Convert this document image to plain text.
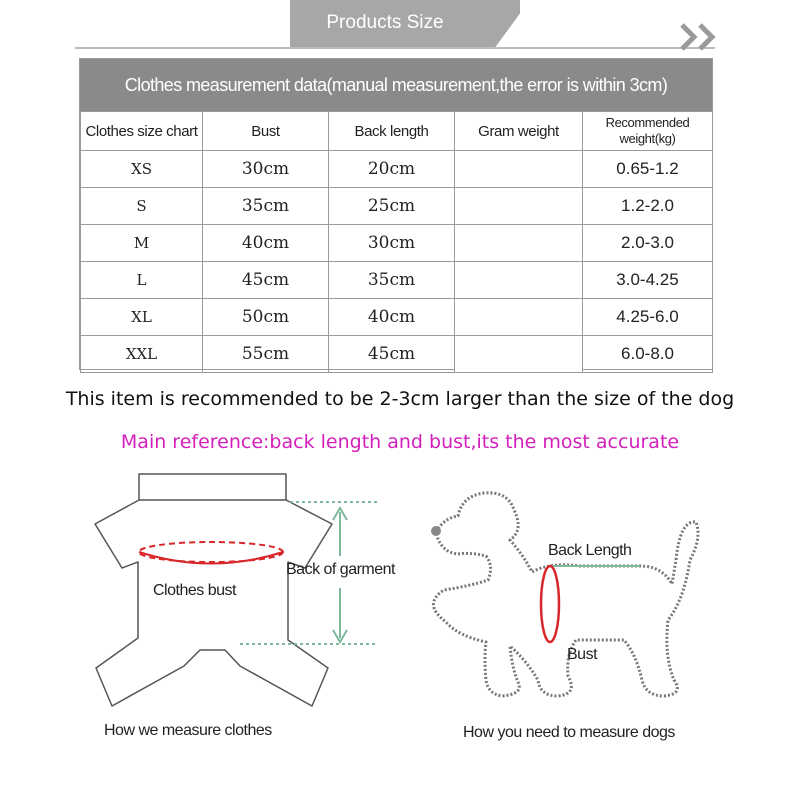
Products Size
Clothes measurement data(manual measurement,the error is within 3cm)
Clothes size chart	Bust	Back length	Gram weight	Recommended weight(kg)
XS	30cm	20cm		0.65-1.2
S	35cm	25cm		1.2-2.0
M	40cm	30cm		2.0-3.0
L	45cm	35cm		3.0-4.25
XL	50cm	40cm		4.25-6.0
XXL	55cm	45cm		6.0-8.0
This item is recommended to be 2-3cm larger than the size of the dog
Main reference:back length and bust,its the most accurate
Clothes bust
Back of garment
How we measure clothes
Back Length
Bust
How you need to measure dogs
